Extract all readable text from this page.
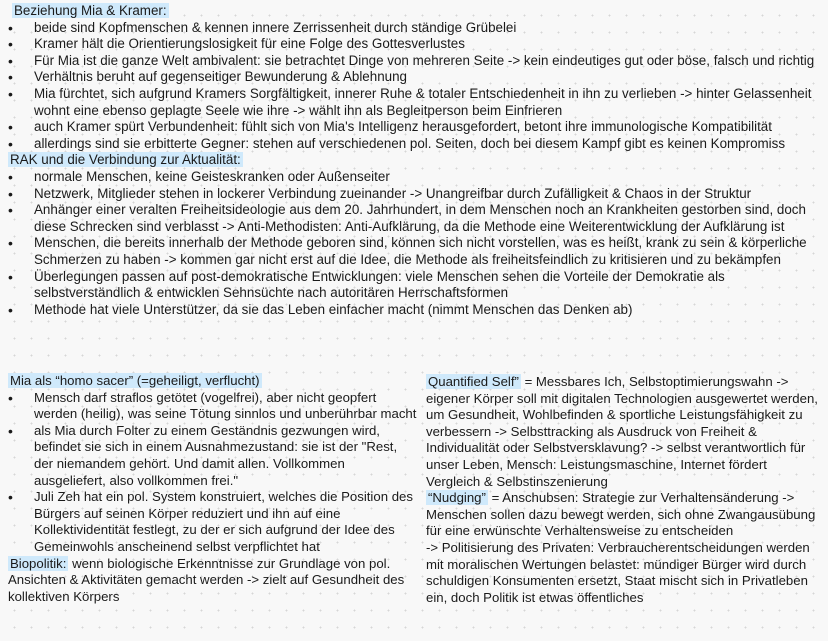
Beziehung Mia & Kramer:
• beide sind Kopfmenschen & kennen innere Zerrissenheit durch ständige Grübelei
• Kramer hält die Orientierungslosigkeit für eine Folge des Gottesverlustes
• Für Mia ist die ganze Welt ambivalent: sie betrachtet Dinge von mehreren Seite -> kein eindeutiges gut oder böse, falsch und richtig
• Verhältnis beruht auf gegenseitiger Bewunderung & Ablehnung
• Mia fürchtet, sich aufgrund Kramers Sorgfältigkeit, innerer Ruhe & totaler Entschiedenheit in ihn zu verlieben -> hinter Gelassenheit wohnt eine ebenso geplagte Seele wie ihre -> wählt ihn als Begleitperson beim Einfrieren
• auch Kramer spürt Verbundenheit: fühlt sich von Mia's Intelligenz herausgefordert, betont ihre immunologische Kompatibilität
• allerdings sind sie erbitterte Gegner: stehen auf verschiedenen pol. Seiten, doch bei diesem Kampf gibt es keinen Kompromiss
RAK und die Verbindung zur Aktualität:
• normale Menschen, keine Geisteskranken oder Außenseiter
• Netzwerk, Mitglieder stehen in lockerer Verbindung zueinander -> Unangreifbar durch Zufälligkeit & Chaos in der Struktur
• Anhänger einer veralten Freiheitsideologie aus dem 20. Jahrhundert, in dem Menschen noch an Krankheiten gestorben sind, doch diese Schrecken sind verblasst -> Anti-Methodisten: Anti-Aufklärung, da die Methode eine Weiterentwicklung der Aufklärung ist
• Menschen, die bereits innerhalb der Methode geboren sind, können sich nicht vorstellen, was es heißt, krank zu sein & körperliche Schmerzen zu haben -> kommen gar nicht erst auf die Idee, die Methode als freiheitsfeindlich zu kritisieren und zu bekämpfen
• Überlegungen passen auf post-demokratische Entwicklungen: viele Menschen sehen die Vorteile der Demokratie als selbstverständlich & entwicklen Sehnsüchte nach autoritären Herrschaftsformen
• Methode hat viele Unterstützer, da sie das Leben einfacher macht (nimmt Menschen das Denken ab)
Mia als “homo sacer” (=geheiligt, verflucht)
• Mensch darf straflos getötet (vogelfrei), aber nicht geopfert werden (heilig), was seine Tötung sinnlos und unberührbar macht
• als Mia durch Folter zu einem Geständnis gezwungen wird, befindet sie sich in einem Ausnahmezustand: sie ist der "Rest, der niemandem gehört. Und damit allen. Vollkommen ausgeliefert, also vollkommen frei."
• Juli Zeh hat ein pol. System konstruiert, welches die Position des Bürgers auf seinen Körper reduziert und ihn auf eine Kollektividentität festlegt, zu der er sich aufgrund der Idee des Gemeinwohls anscheinend selbst verpflichtet hat

Biopolitik: wenn biologische Erkenntnisse zur Grundlage von pol. Ansichten & Aktivitäten gemacht werden -> zielt auf Gesundheit des kollektiven Körpers

Quantified Self” = Messbares Ich, Selbstoptimierungswahn -> eigener Körper soll mit digitalen Technologien ausgewertet werden, um Gesundheit, Wohlbefinden & sportliche Leistungsfähigkeit zu verbessern -> Selbsttracking als Ausdruck von Freiheit & Individualität oder Selbstversklavung? -> selbst verantwortlich für unser Leben, Mensch: Leistungsmaschine, Internet fördert Vergleich & Selbstinszenierung

“Nudging” = Anschubsen: Strategie zur Verhaltensänderung -> Menschen sollen dazu bewegt werden, sich ohne Zwangausübung für eine erwünschte Verhaltensweise zu entscheiden

-> Politisierung des Privaten: Verbraucherentscheidungen werden mit moralischen Wertungen belastet: mündiger Bürger wird durch schuldigen Konsumenten ersetzt, Staat mischt sich in Privatleben ein, doch Politik ist etwas öffentliches
